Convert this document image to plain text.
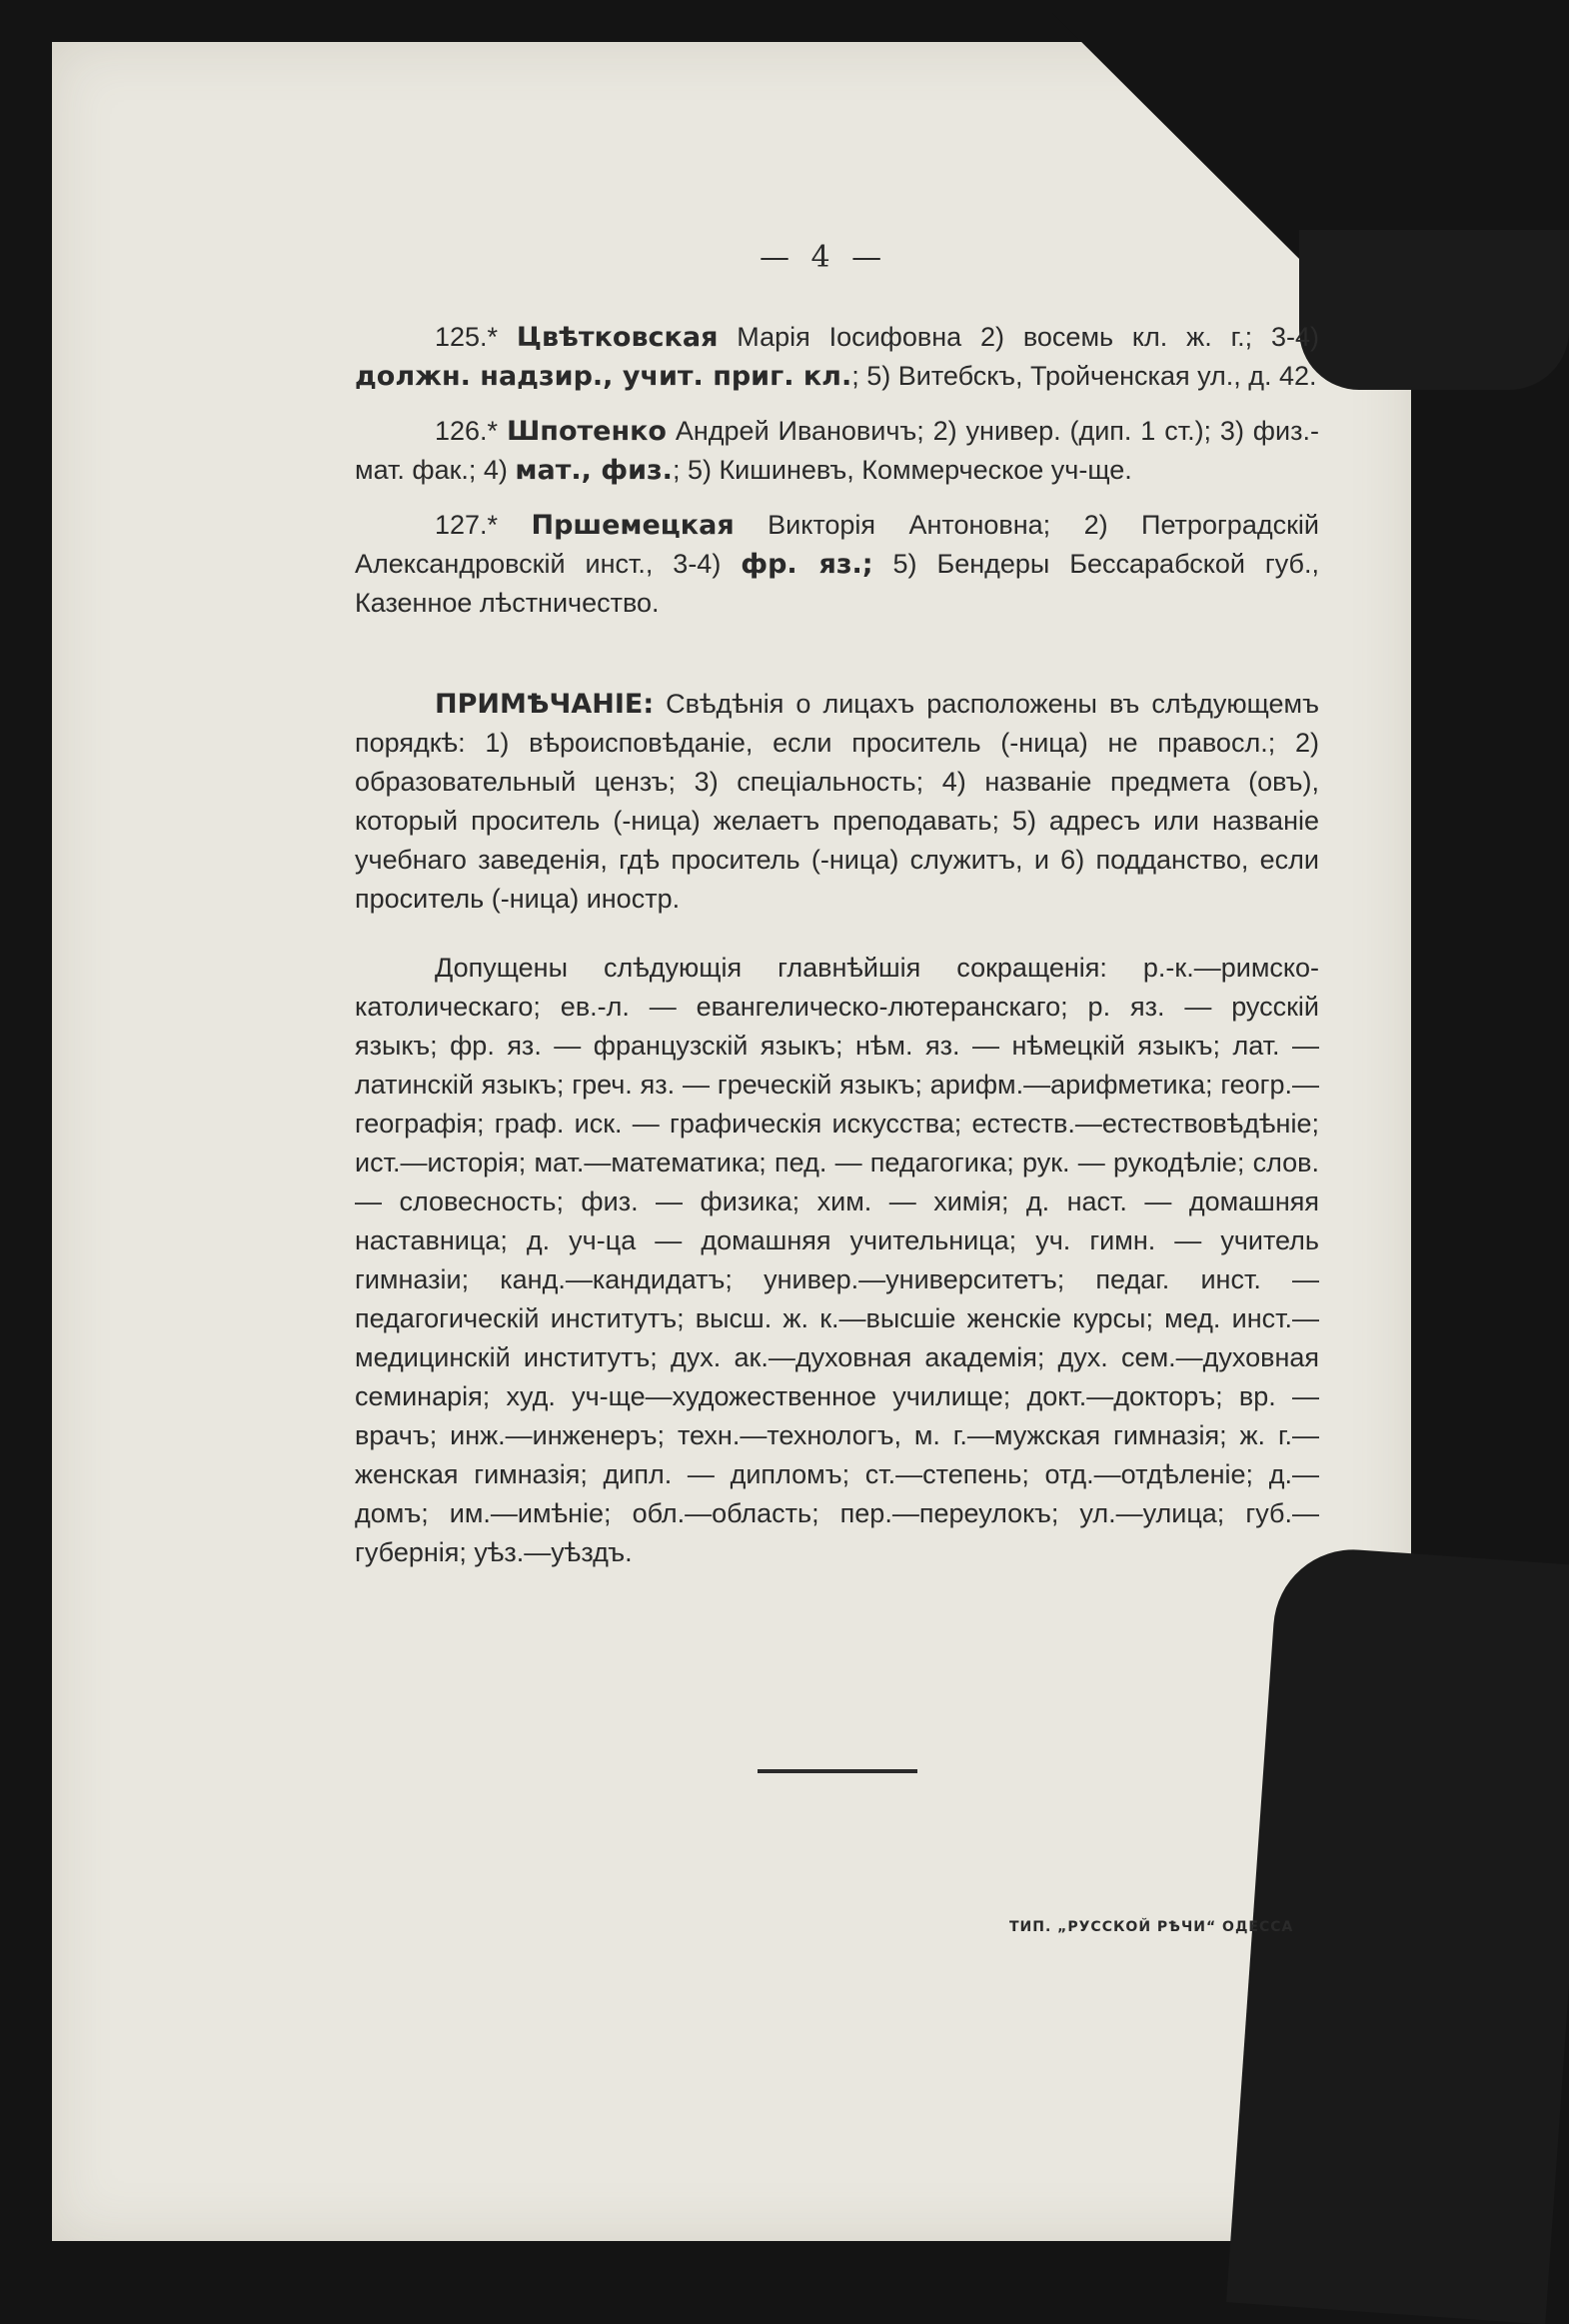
— 4 —

125.* Цвѣтковская Марія Іосифовна 2) восемь кл. ж. г.; 3-4) должн. надзир., учит. приг. кл.; 5) Витебскъ, Тройченская ул., д. 42.

126.* Шпотенко Андрей Ивановичъ; 2) универ. (дип. 1 ст.); 3) физ.-мат. фак.; 4) мат., физ.; 5) Кишиневъ, Коммерческое уч-ще.

127.* Пршемецкая Викторія Антоновна; 2) Петроградскій Александровскій инст., 3-4) фр. яз.; 5) Бендеры Бессарабской губ., Казенное лѣстничество.

ПРИМѢЧАНІЕ: Свѣдѣнія о лицахъ расположены въ слѣдующемъ порядкѣ: 1) вѣроисповѣданіе, если проситель (-ница) не правосл.; 2) образовательный цензъ; 3) спеціальность; 4) названіе предмета (овъ), который проситель (-ница) желаетъ преподавать; 5) адресъ или названіе учебнаго заведенія, гдѣ проситель (-ница) служитъ, и 6) подданство, если проситель (-ница) иностр.

Допущены слѣдующія главнѣйшія сокращенія: р.-к.—римско-католическаго; ев.-л. — евангелическо-лютеранскаго; р. яз. — русскій языкъ; фр. яз. — французскій языкъ; нѣм. яз. — нѣмецкій языкъ; лат. — латинскій языкъ; греч. яз. — греческій языкъ; арифм.—арифметика; геогр.—географія; граф. иск. — графическія искусства; естеств.—естествовѣдѣніе; ист.—исторія; мат.—математика; пед. — педагогика; рук. — рукодѣліе; слов. — словесность; физ. — физика; хим. — химія; д. наст. — домашняя наставница; д. уч-ца — домашняя учительница; уч. гимн. — учитель гимназіи; канд.—кандидатъ; универ.—университетъ; педаг. инст. — педагогическій институтъ; высш. ж. к.—высшіе женскіе курсы; мед. инст.—медицинскій институтъ; дух. ак.—духовная академія; дух. сем.—духовная семинарія; худ. уч-ще—художественное училище; докт.—докторъ; вр. — врачъ; инж.—инженеръ; техн.—технологъ, м. г.—мужская гимназія; ж. г.—женская гимназія; дипл. — дипломъ; ст.—степень; отд.—отдѣленіе; д.—домъ; им.—имѣніе; обл.—область; пер.—переулокъ; ул.—улица; губ.—губернія; уѣз.—уѣздъ.

ТИП. „РУССКОЙ РѢЧИ“ ОДЕССА
